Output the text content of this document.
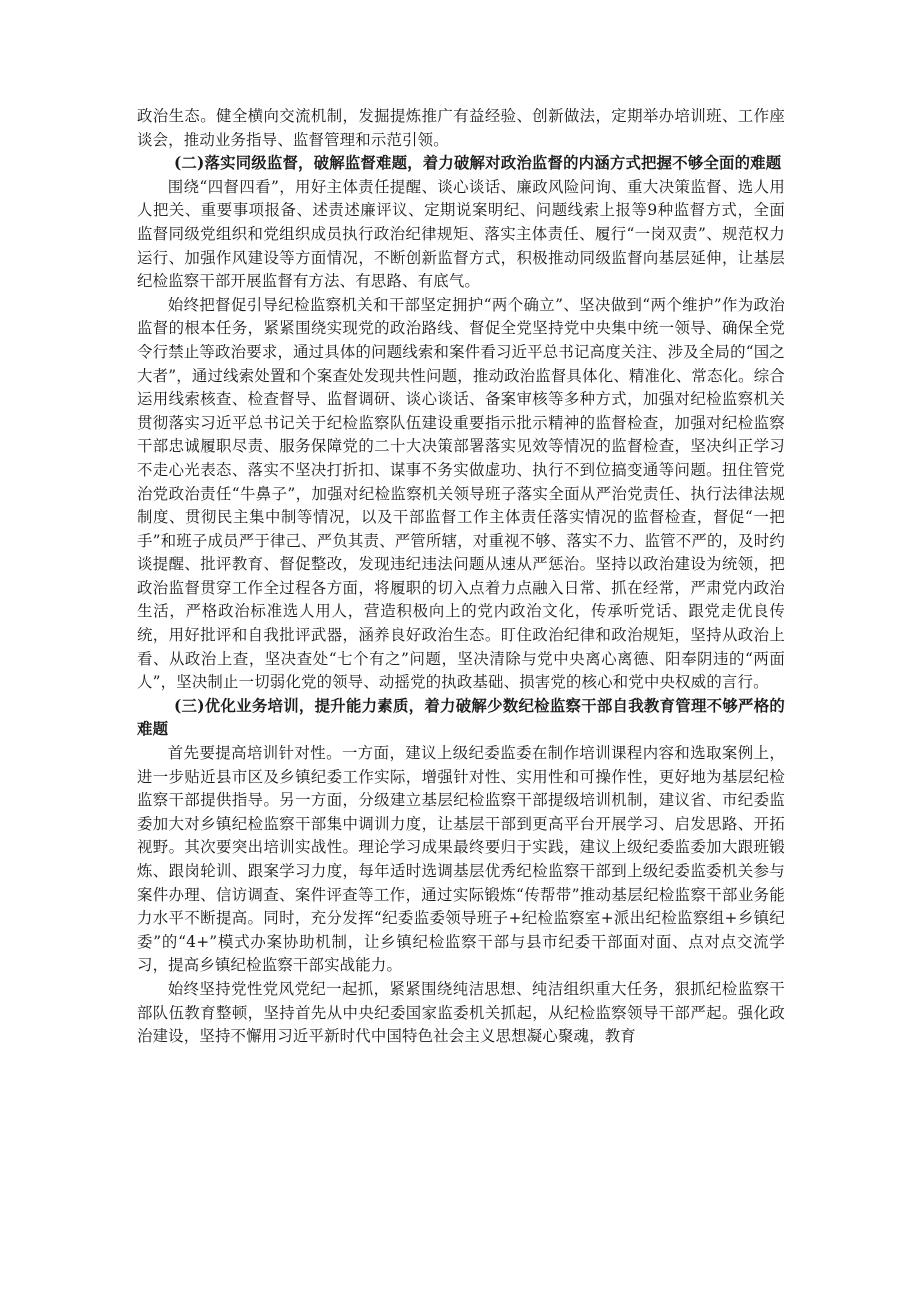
政治生态。健全横向交流机制，发掘提炼推广有益经验、创新做法，定期举办培训班、工作座谈会，推动业务指导、监督管理和示范引领。

(二)落实同级监督，破解监督难题，着力破解对政治监督的内涵方式把握不够全面的难题

围绕“四督四看”，用好主体责任提醒、谈心谈话、廉政风险问询、重大决策监督、选人用人把关、重要事项报备、述责述廉评议、定期说案明纪、问题线索上报等9种监督方式，全面监督同级党组织和党组织成员执行政治纪律规矩、落实主体责任、履行“一岗双责”、规范权力运行、加强作风建设等方面情况，不断创新监督方式，积极推动同级监督向基层延伸，让基层纪检监察干部开展监督有方法、有思路、有底气。

始终把督促引导纪检监察机关和干部坚定拥护“两个确立”、坚决做到“两个维护”作为政治监督的根本任务，紧紧围绕实现党的政治路线、督促全党坚持党中央集中统一领导、确保全党令行禁止等政治要求，通过具体的问题线索和案件看习近平总书记高度关注、涉及全局的“国之大者”，通过线索处置和个案查处发现共性问题，推动政治监督具体化、精准化、常态化。综合运用线索核查、检查督导、监督调研、谈心谈话、备案审核等多种方式，加强对纪检监察机关贯彻落实习近平总书记关于纪检监察队伍建设重要指示批示精神的监督检查，加强对纪检监察干部忠诚履职尽责、服务保障党的二十大决策部署落实见效等情况的监督检查，坚决纠正学习不走心光表态、落实不坚决打折扣、谋事不务实做虚功、执行不到位搞变通等问题。扭住管党治党政治责任“牛鼻子”，加强对纪检监察机关领导班子落实全面从严治党责任、执行法律法规制度、贯彻民主集中制等情况，以及干部监督工作主体责任落实情况的监督检查，督促“一把手”和班子成员严于律己、严负其责、严管所辖，对重视不够、落实不力、监管不严的，及时约谈提醒、批评教育、督促整改，发现违纪违法问题从速从严惩治。坚持以政治建设为统领，把政治监督贯穿工作全过程各方面，将履职的切入点着力点融入日常、抓在经常，严肃党内政治生活，严格政治标准选人用人，营造积极向上的党内政治文化，传承听党话、跟党走优良传统，用好批评和自我批评武器，涵养良好政治生态。盯住政治纪律和政治规矩，坚持从政治上看、从政治上查，坚决查处“七个有之”问题，坚决清除与党中央离心离德、阳奉阴违的“两面人”，坚决制止一切弱化党的领导、动摇党的执政基础、损害党的核心和党中央权威的言行。

(三)优化业务培训，提升能力素质，着力破解少数纪检监察干部自我教育管理不够严格的难题

首先要提高培训针对性。一方面，建议上级纪委监委在制作培训课程内容和选取案例上，进一步贴近县市区及乡镇纪委工作实际，增强针对性、实用性和可操作性，更好地为基层纪检监察干部提供指导。另一方面，分级建立基层纪检监察干部提级培训机制，建议省、市纪委监委加大对乡镇纪检监察干部集中调训力度，让基层干部到更高平台开展学习、启发思路、开拓视野。其次要突出培训实战性。理论学习成果最终要归于实践，建议上级纪委监委加大跟班锻炼、跟岗轮训、跟案学习力度，每年适时选调基层优秀纪检监察干部到上级纪委监委机关参与案件办理、信访调查、案件评查等工作，通过实际锻炼“传帮带”推动基层纪检监察干部业务能力水平不断提高。同时，充分发挥“纪委监委领导班子+纪检监察室+派出纪检监察组+乡镇纪委”的“4+”模式办案协助机制，让乡镇纪检监察干部与县市纪委干部面对面、点对点交流学习，提高乡镇纪检监察干部实战能力。

始终坚持党性党风党纪一起抓，紧紧围绕纯洁思想、纯洁组织重大任务，狠抓纪检监察干部队伍教育整顿，坚持首先从中央纪委国家监委机关抓起，从纪检监察领导干部严起。强化政治建设，坚持不懈用习近平新时代中国特色社会主义思想凝心聚魂，教育
